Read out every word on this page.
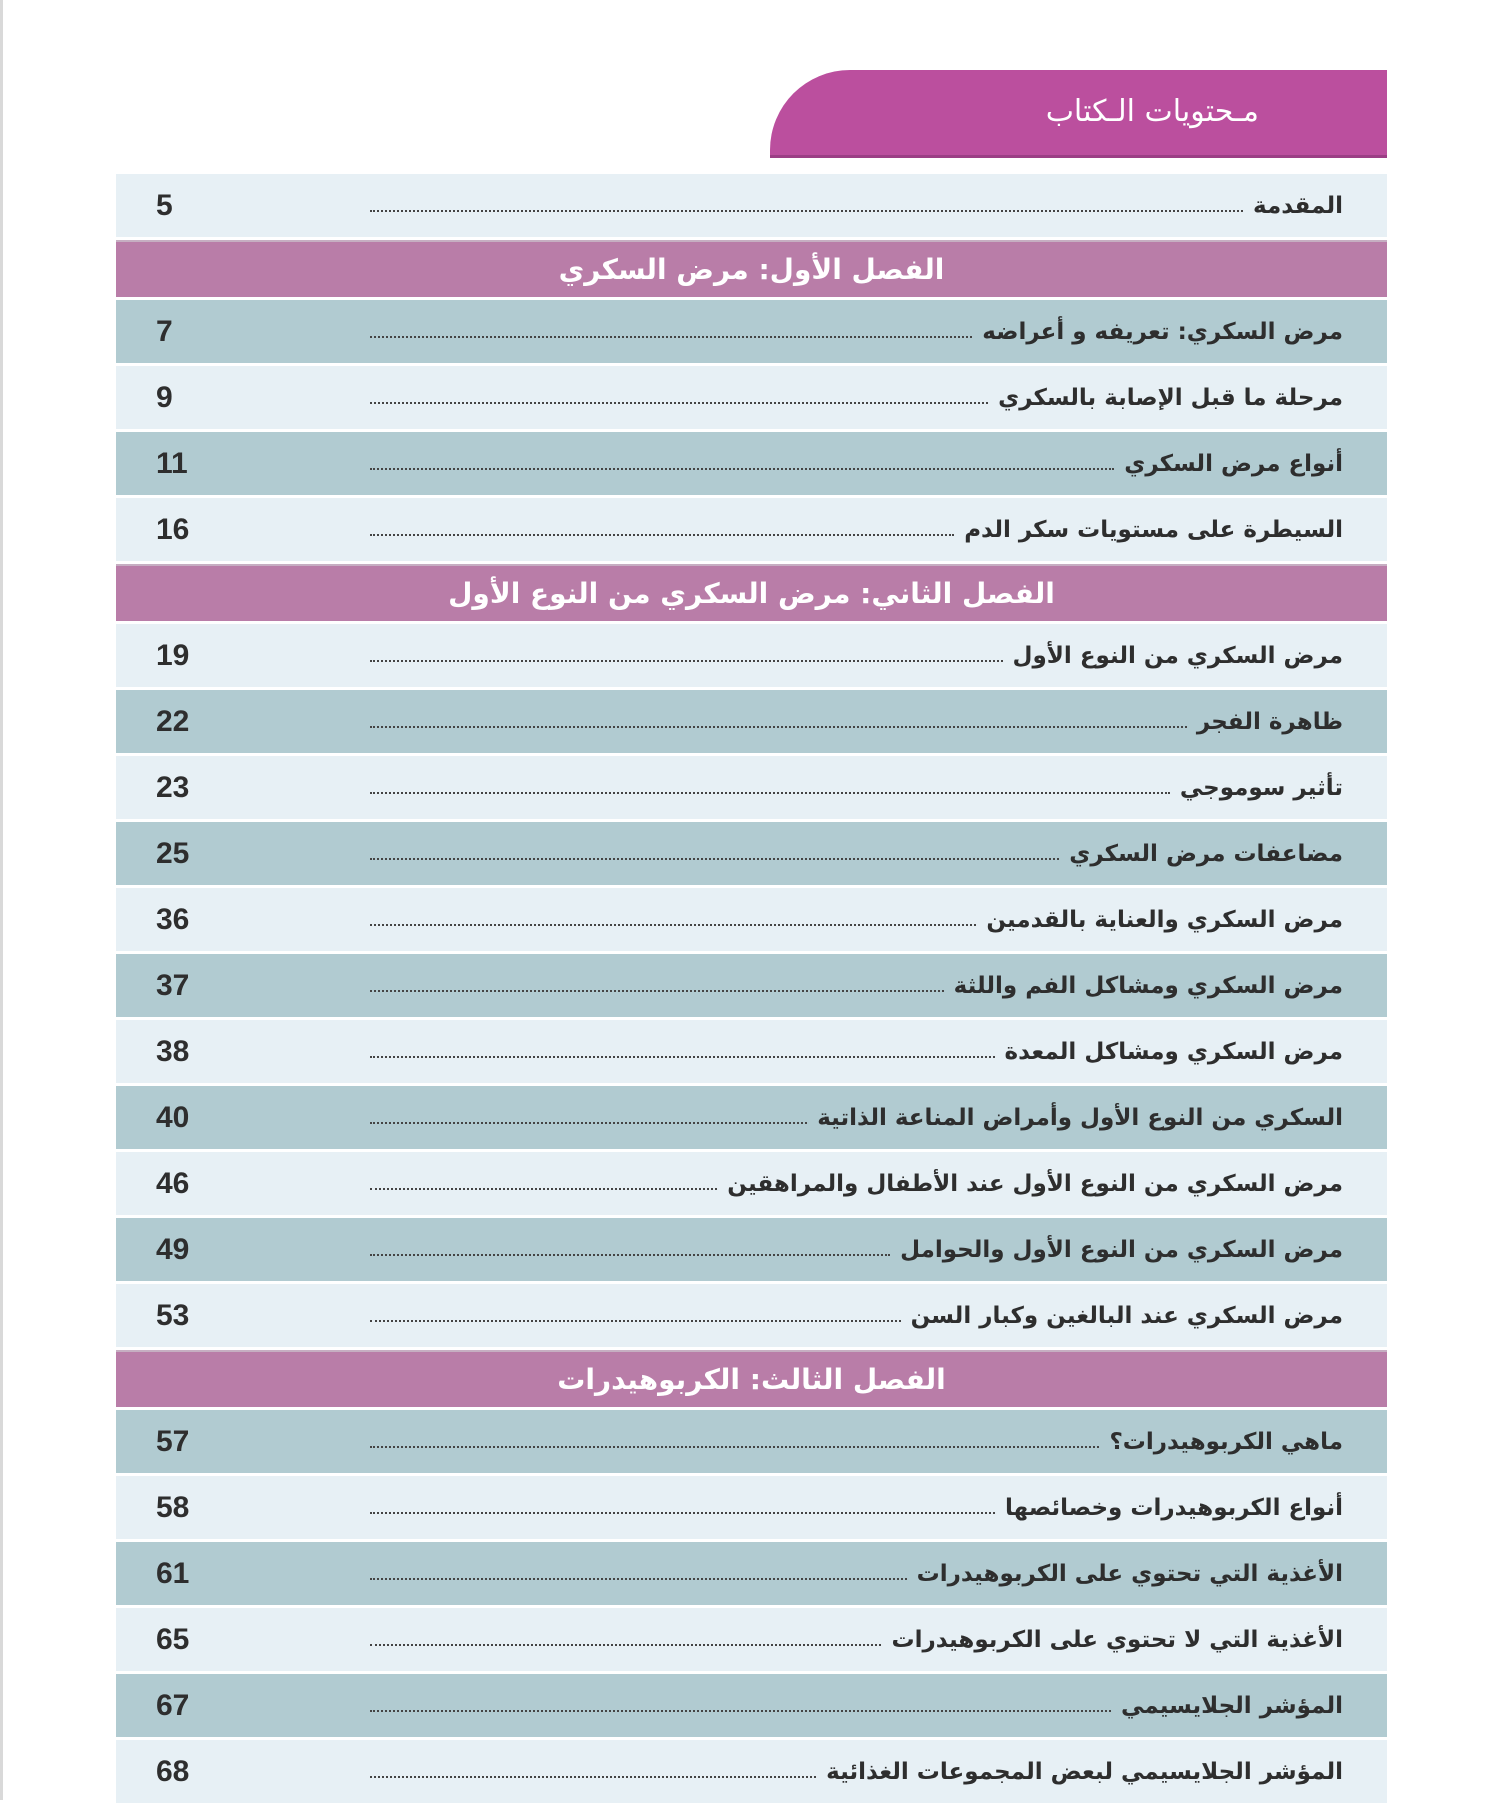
مـحتويات الـكتاب
المقدمة
5
الفصل الأول: مرض السكري
مرض السكري: تعريفه و أعراضه
7
مرحلة ما قبل الإصابة بالسكري
9
أنواع مرض السكري
11
السيطرة على مستويات سكر الدم
16
الفصل الثاني: مرض السكري من النوع الأول
مرض السكري من النوع الأول
19
ظاهرة الفجر
22
تأثير سوموجي
23
مضاعفات مرض السكري
25
مرض السكري والعناية بالقدمين
36
مرض السكري ومشاكل الفم واللثة
37
مرض السكري ومشاكل المعدة
38
السكري من النوع الأول وأمراض المناعة الذاتية
40
مرض السكري من النوع الأول عند الأطفال والمراهقين
46
مرض السكري من النوع الأول والحوامل
49
مرض السكري عند البالغين وكبار السن
53
الفصل الثالث: الكربوهيدرات
ماهي الكربوهيدرات؟
57
أنواع الكربوهيدرات وخصائصها
58
الأغذية التي تحتوي على الكربوهيدرات
61
الأغذية التي لا تحتوي على الكربوهيدرات
65
المؤشر الجلايسيمي
67
المؤشر الجلايسيمي لبعض المجموعات الغذائية
68
